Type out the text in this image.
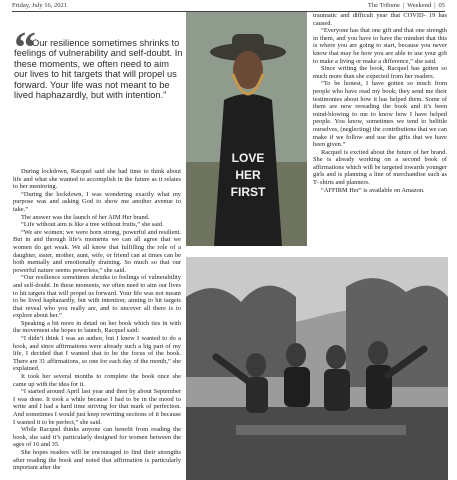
Friday, July 16, 2021	The Tribune | Weekend | 05
“
Our resilience sometimes shrinks to feelings of vulnerability and self-doubt. In these moments, we often need to aim our lives to hit targets that will propel us forward. Your life was not meant to be lived haphazardly, but with intention.”

During lockdown, Racquel said she had time to think about life and what she wanted to accomplish in the future as it relates to her mentoring.

“During the lockdown, I was wondering exactly what my purpose was and asking God to show me another avenue to take.”

The answer was the launch of her AIM Her brand.

“Life without aim is like a tree without fruits,” she said.

“We are women; we were born strong, powerful and resilient. But in and through life’s moments we can all agree that we women do get weak. We all know that fulfilling the role of a daughter, sister, mother, aunt, wife, or friend can at times can be both mentally and emotionally draining. So much so that our powerful nature seems powerless,” she said.

“Our resilience sometimes shrinks to feelings of vulnerability and self-doubt. In these moments, we often need to aim our lives to hit targets that will propel us forward. Your life was not meant to be lived haphazardly, but with intention; aiming to hit targets that reveal who you really are, and to uncover all there is to explore about her.”

Speaking a bit more in detail on her book which ties in with the movement she hopes to launch, Racquel said:

“I didn’t think I was an author, but I knew I wanted to do a book, and since affirmations were already such a big part of my life, I decided that I wanted that to be the focus of the book. There are 31 affirmations, so one for each day of the month,” she explained.

It took her several months to complete the book once she came up with the idea for it.

“I started around April last year and then by about September I was done. It took a while because I had to be in the mood to write and I had a hard time striving for that mark of perfection. And sometimes I would just keep rewriting sections of it because I wanted it to be perfect,” she said.

While Racquel thinks anyone can benefit from reading the book, she said it’s particularly designed for women between the ages of 16 and 35.

She hopes readers will be encouraged to find their strengths after reading the book and noted that affirmation is particularly important after the

LOVE
HER
FIRST

traumatic and difficult year that COVID- 19 has caused.

“Everyone has that one gift and that one strength in them, and you have to have the mindset that this is where you are going to start, because you never know that may be how you are able to use your gift to make a living or make a difference,” she said.

Since writing the book, Racquel has gotten so much more than she expected from her readers.

“To be honest, I have gotten so much from people who have read my book; they send me their testimonies about how it has helped them. Some of them are now rereading the book and it’s been mind-blowing to me to know how I have helped people. You know, sometimes we tend to belittle ourselves, (neglecting) the contributions that we can make if we follow and use the gifts that we have been given.”

Racquel is excited about the future of her brand. She is already working on a second book of affirmations which will be targeted towards younger girls and is planning a line of merchandise such as T- shirts and planners.

“AFFIRM Her” is available on Amazon.
